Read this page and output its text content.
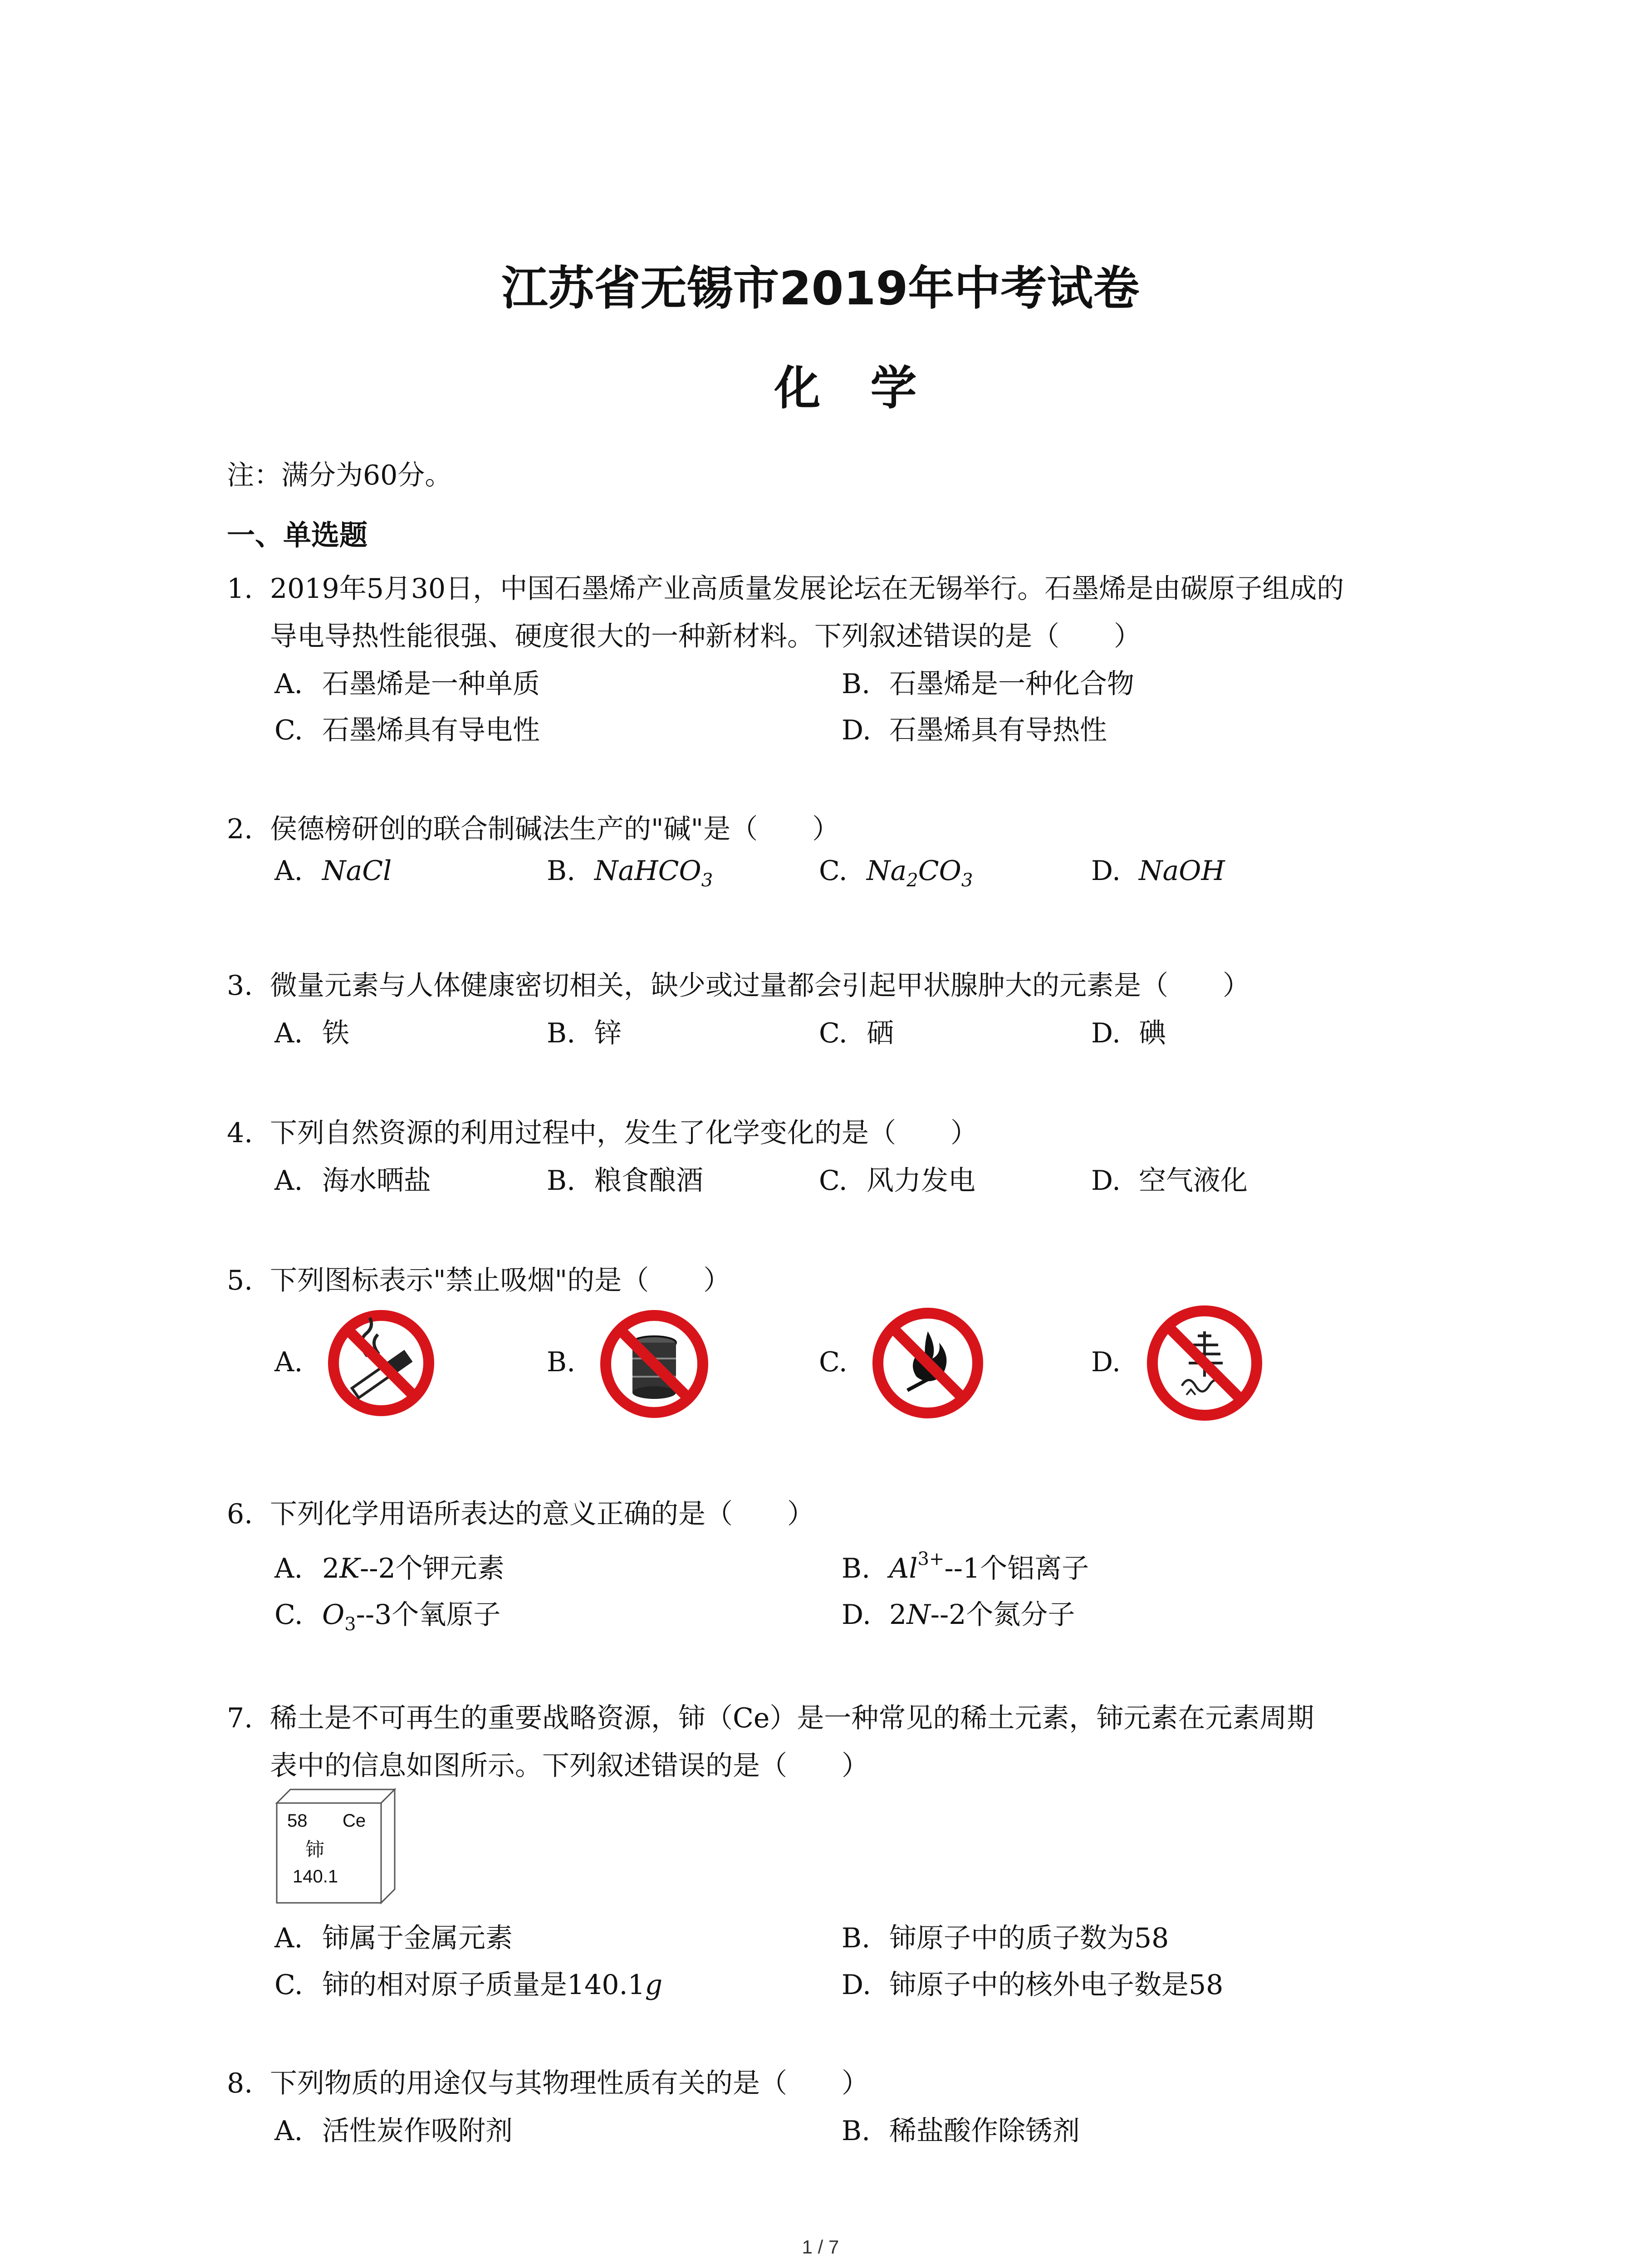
江苏省无锡市2019年中考试卷
化学
注：满分为60分。
一、单选题
1. 2019年5月30日，中国石墨烯产业高质量发展论坛在无锡举行。石墨烯是由碳原子组成的
导电导热性能很强、硬度很大的一种新材料。下列叙述错误的是（　　）
A. 石墨烯是一种单质	B. 石墨烯是一种化合物
C. 石墨烯具有导电性	D. 石墨烯具有导热性
2. 侯德榜研创的联合制碱法生产的"碱"是（　　）
A. NaCl	B. NaHCO$_3$	C. $Na_2CO_3$	D. NaOH
3. 微量元素与人体健康密切相关，缺少或过量都会引起甲状腺肿大的元素是（　　）
A. 铁	B. 锌	C. 硒	D. 碘
4. 下列自然资源的利用过程中，发生了化学变化的是（　　）
A. 海水晒盐	B. 粮食酿酒	C. 风力发电	D. 空气液化
5. 下列图标表示"禁止吸烟"的是（　　）
A.	B.	C.	D.
6. 下列化学用语所表达的意义正确的是（　　）
A. 2K--2个钾元素	B. $Al^{3+}--1$个铝离子
C. $O_3--3$个氧原子	D. 2N--2个氮分子
7. 稀土是不可再生的重要战略资源，铈（Ce）是一种常见的稀土元素，铈元素在元素周期
表中的信息如图所示。下列叙述错误的是（　　）
58 Ce
铈
140.1
A. 铈属于金属元素	B. 铈原子中的质子数为58
C. 铈的相对原子质量是140.1g	D. 铈原子中的核外电子数是58
8. 下列物质的用途仅与其物理性质有关的是（　　）
A. 活性炭作吸附剂	B. 稀盐酸作除锈剂
1 / 7
